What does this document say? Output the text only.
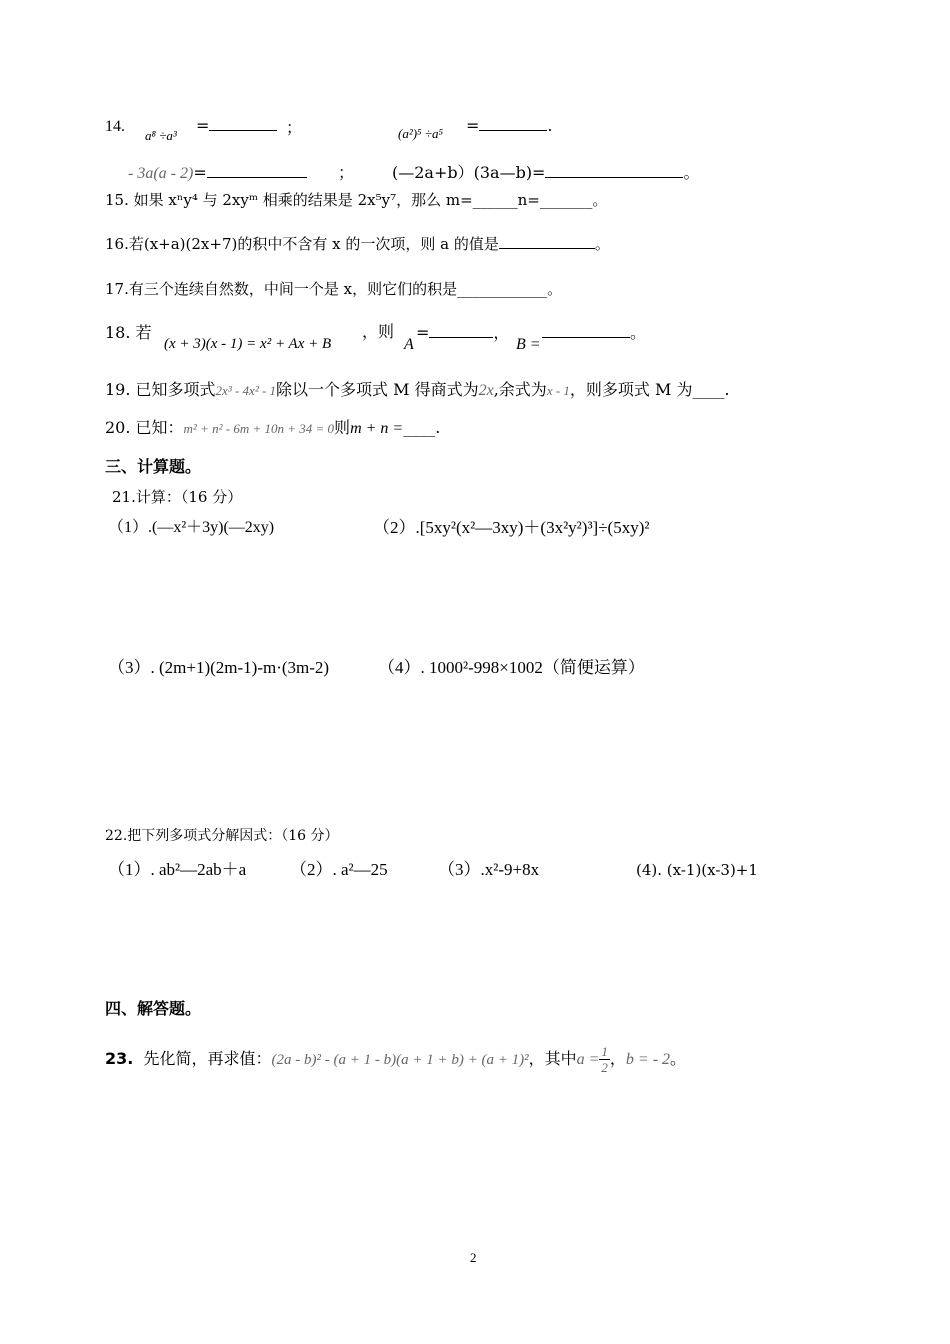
14.
a⁸ ÷a³
=	；	(a²)⁵ ÷a⁵ =	.
- 3a(a - 2)=	； (—2a+b）(3a—b)=	。
15. 如果 xⁿy⁴ 与 2xyᵐ 相乘的结果是 2x⁵y⁷，那么 m=______n=_______。
16.若(x+a)(2x+7)的积中不含有 x 的一次项，则 a 的值是	。
17.有三个连续自然数，中间一个是 x，则它们的积是____________。
18. 若
(x + 3)(x - 1) = x² + Ax + B
，则
A
=	，
B =
。
19. 已知多项式2x³ - 4x² - 1除以一个多项式 M 得商式为2x,余式为x - 1，则多项式 M 为____.
20. 已知：m² + n² - 6m + 10n + 34 = 0则m + n =____.
三、计算题。
21.计算：（16 分）
（1）.(—x²＋3y)(—2xy)	（2）.[5xy²(x²—3xy)＋(3x²y²)³]÷(5xy)²
（3）. (2m+1)(2m-1)-m·(3m-2)	（4）. 1000²-998×1002（简便运算）
22.把下列多项式分解因式：（16 分）
（1）. ab²—2ab＋a	（2）. a²—25	（3）.x²-9+8x	(4). (x-1)(x-3)+1
四、解答题。
23. 先化简，再求值：(2a - b)² - (a + 1 - b)(a + 1 + b) + (a + 1)²，其中$a = \frac{1}{2}$ ，b = - 2。
2
